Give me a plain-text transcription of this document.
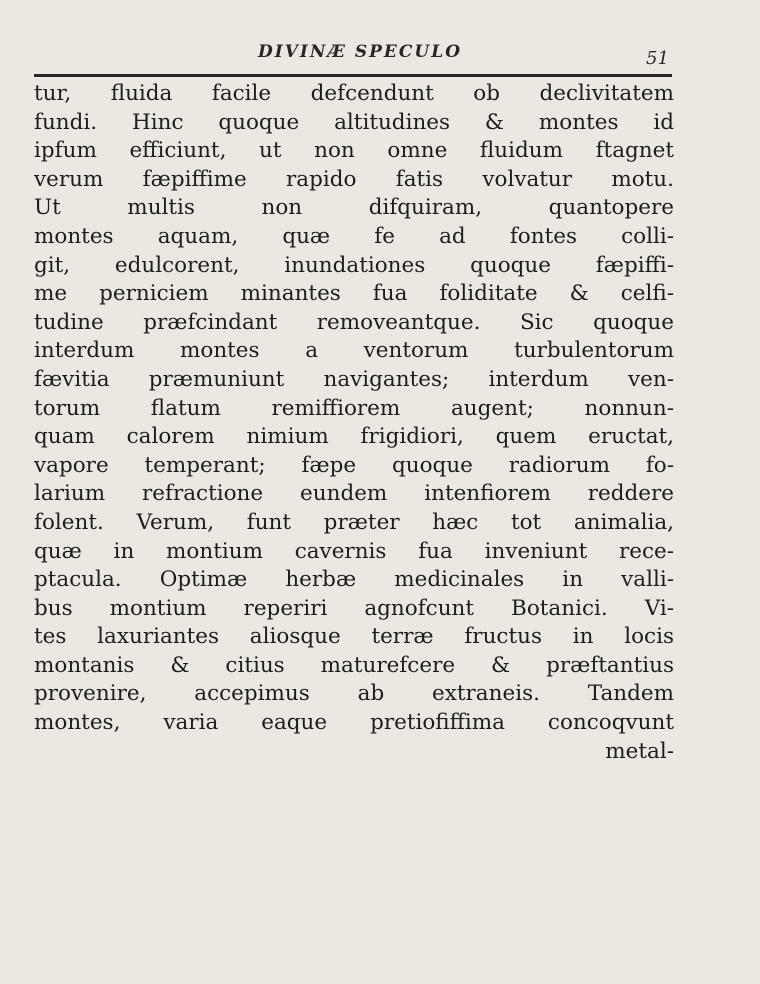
DIVINÆ SPECULO	51
tur, fluida facile defcendunt ob declivitatem
fundi. Hinc quoque altitudines & montes id
ipfum efficiunt, ut non omne fluidum ftagnet
verum fæpiffime rapido fatis volvatur motu.
Ut multis non difquiram, quantopere
montes aquam, quæ fe ad fontes colli-
git, edulcorent, inundationes quoque fæpiffi-
me perniciem minantes fua foliditate & celfi-
tudine præfcindant removeantque. Sic quoque
interdum montes a ventorum turbulentorum
fævitia præmuniunt navigantes; interdum ven-
torum flatum remiffiorem augent; nonnun-
quam calorem nimium frigidiori, quem eructat,
vapore temperant; fæpe quoque radiorum fo-
larium refractione eundem intenfiorem reddere
folent. Verum, funt præter hæc tot animalia,
quæ in montium cavernis fua inveniunt rece-
ptacula. Optimæ herbæ medicinales in valli-
bus montium reperiri agnofcunt Botanici. Vi-
tes laxuriantes aliosque terræ fructus in locis
montanis & citius maturefcere & præftantius
provenire, accepimus ab extraneis. Tandem
montes, varia eaque pretiofiffima concoqvunt
metal-
